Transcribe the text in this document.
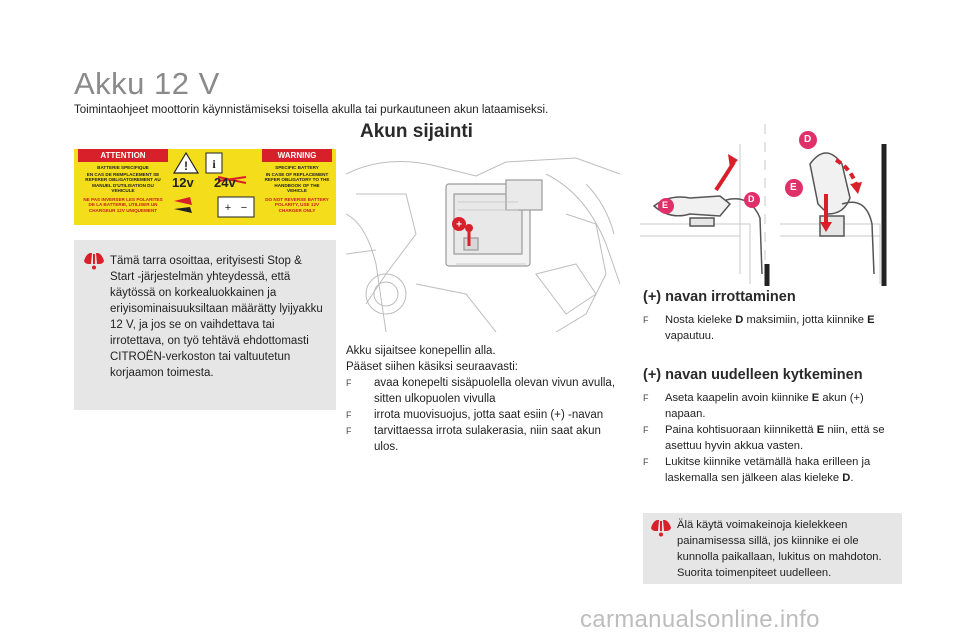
Akku 12 V
Toimintaohjeet moottorin käynnistämiseksi toisella akulla tai purkautuneen akun lataamiseksi.
Akun sijainti
ATTENTION	WARNING
BATTERIE SPECIFIQUE
EN CAS DE REMPLACEMENT SE REFERER OBLIGATOIREMENT AU MANUEL D'UTILISATION DU VEHICULE
NE PAS INVERSER LES POLARITES DE LA BATTERIE, UTILISER UN CHARGEUR 12V UNIQUEMENT
SPECIFIC BATTERY
IN CASE OF REPLACEMENT REFER OBLIGATORY TO THE HANDBOOK OF THE VEHICLE
DO NOT REVERSE BATTERY POLARITY, USE 12V CHARGER ONLY
! i
+ −
12v 24v
Tämä tarra osoittaa, erityisesti Stop & Start -järjestelmän yhteydessä, että käytössä on korkealuokkainen ja eriyisominaisuuksiltaan määrätty lyijyakku 12 V, ja jos se on vaihdettava tai irrotettava, on työ tehtävä ehdottomasti CITROËN-verkoston tai valtuutetun korjaamon toimesta.
+
Akku sijaitsee konepellin alla.
Pääset siihen käsiksi seuraavasti:
F	avaa konepelti sisäpuolella olevan vivun avulla, sitten ulkopuolen vivulla
F	irrota muovisuojus, jotta saat esiin (+) -navan
F	tarvittaessa irrota sulakerasia, niin saat akun ulos.
E
D
D
E
(+) navan irrottaminen
F	Nosta kieleke D maksimiin, jotta kiinnike E vapautuu.
(+) navan uudelleen kytkeminen
F	Aseta kaapelin avoin kiinnike E akun (+) napaan.
F	Paina kohtisuoraan kiinnikettä E niin, että se asettuu hyvin akkua vasten.
F	Lukitse kiinnike vetämällä haka erilleen ja laskemalla sen jälkeen alas kieleke D.
Älä käytä voimakeinoja kielekkeen painamisessa sillä, jos kiinnike ei ole kunnolla paikallaan, lukitus on mahdoton. Suorita toimenpiteet uudelleen.
carmanualsonline.info
